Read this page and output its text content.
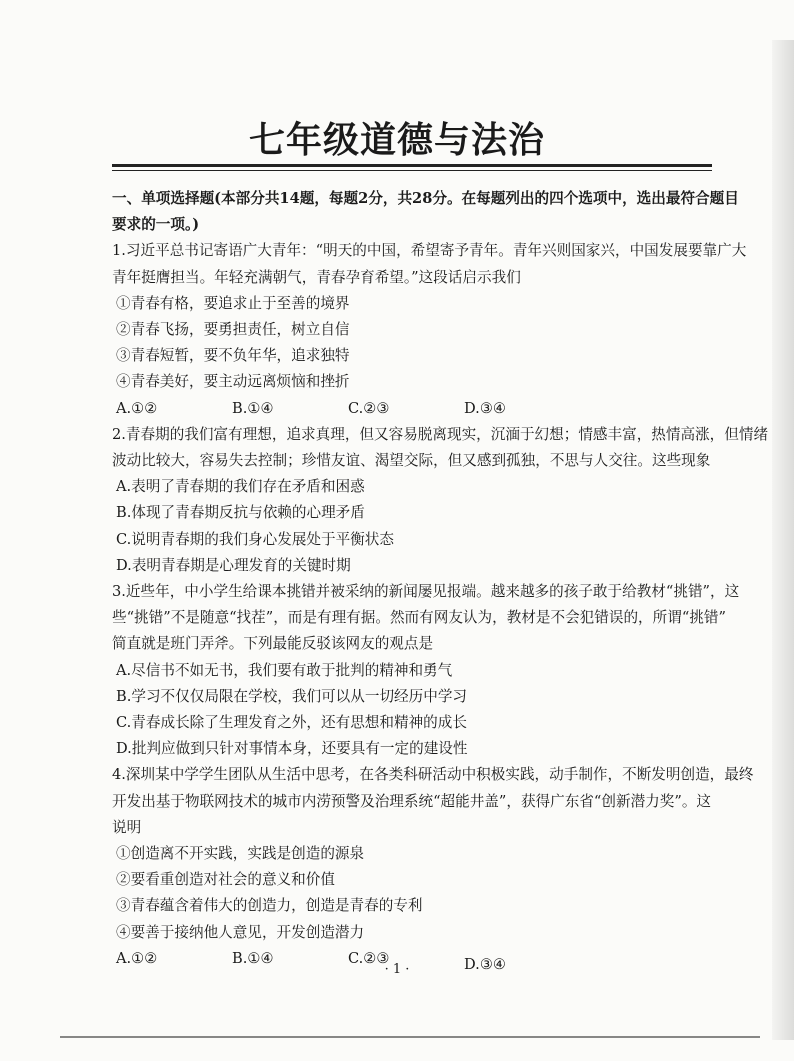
七年级道德与法治
一、单项选择题(本部分共14题，每题2分，共28分。在每题列出的四个选项中，选出最符合题目
要求的一项。)
1.习近平总书记寄语广大青年：“明天的中国，希望寄予青年。青年兴则国家兴，中国发展要靠广大
青年挺膺担当。年轻充满朝气，青春孕育希望。”这段话启示我们
①青春有格，要追求止于至善的境界
②青春飞扬，要勇担责任，树立自信
③青春短暂，要不负年华，追求独特
④青春美好，要主动远离烦恼和挫折
A.①②	B.①④	C.②③	D.③④
2.青春期的我们富有理想，追求真理，但又容易脱离现实，沉湎于幻想；情感丰富，热情高涨，但情绪
波动比较大，容易失去控制；珍惜友谊、渴望交际，但又感到孤独，不思与人交往。这些现象
A.表明了青春期的我们存在矛盾和困惑
B.体现了青春期反抗与依赖的心理矛盾
C.说明青春期的我们身心发展处于平衡状态
D.表明青春期是心理发育的关键时期
3.近些年，中小学生给课本挑错并被采纳的新闻屡见报端。越来越多的孩子敢于给教材“挑错”，这
些“挑错”不是随意“找茬”，而是有理有据。然而有网友认为，教材是不会犯错误的，所谓“挑错”
简直就是班门弄斧。下列最能反驳该网友的观点是
A.尽信书不如无书，我们要有敢于批判的精神和勇气
B.学习不仅仅局限在学校，我们可以从一切经历中学习
C.青春成长除了生理发育之外，还有思想和精神的成长
D.批判应做到只针对事情本身，还要具有一定的建设性
4.深圳某中学学生团队从生活中思考，在各类科研活动中积极实践，动手制作，不断发明创造，最终
开发出基于物联网技术的城市内涝预警及治理系统“超能井盖”，获得广东省“创新潜力奖”。这
说明
①创造离不开实践，实践是创造的源泉
②要看重创造对社会的意义和价值
③青春蕴含着伟大的创造力，创造是青春的专利
④要善于接纳他人意见，开发创造潜力
A.①②	B.①④	C.②③	D.③④
· 1 ·
